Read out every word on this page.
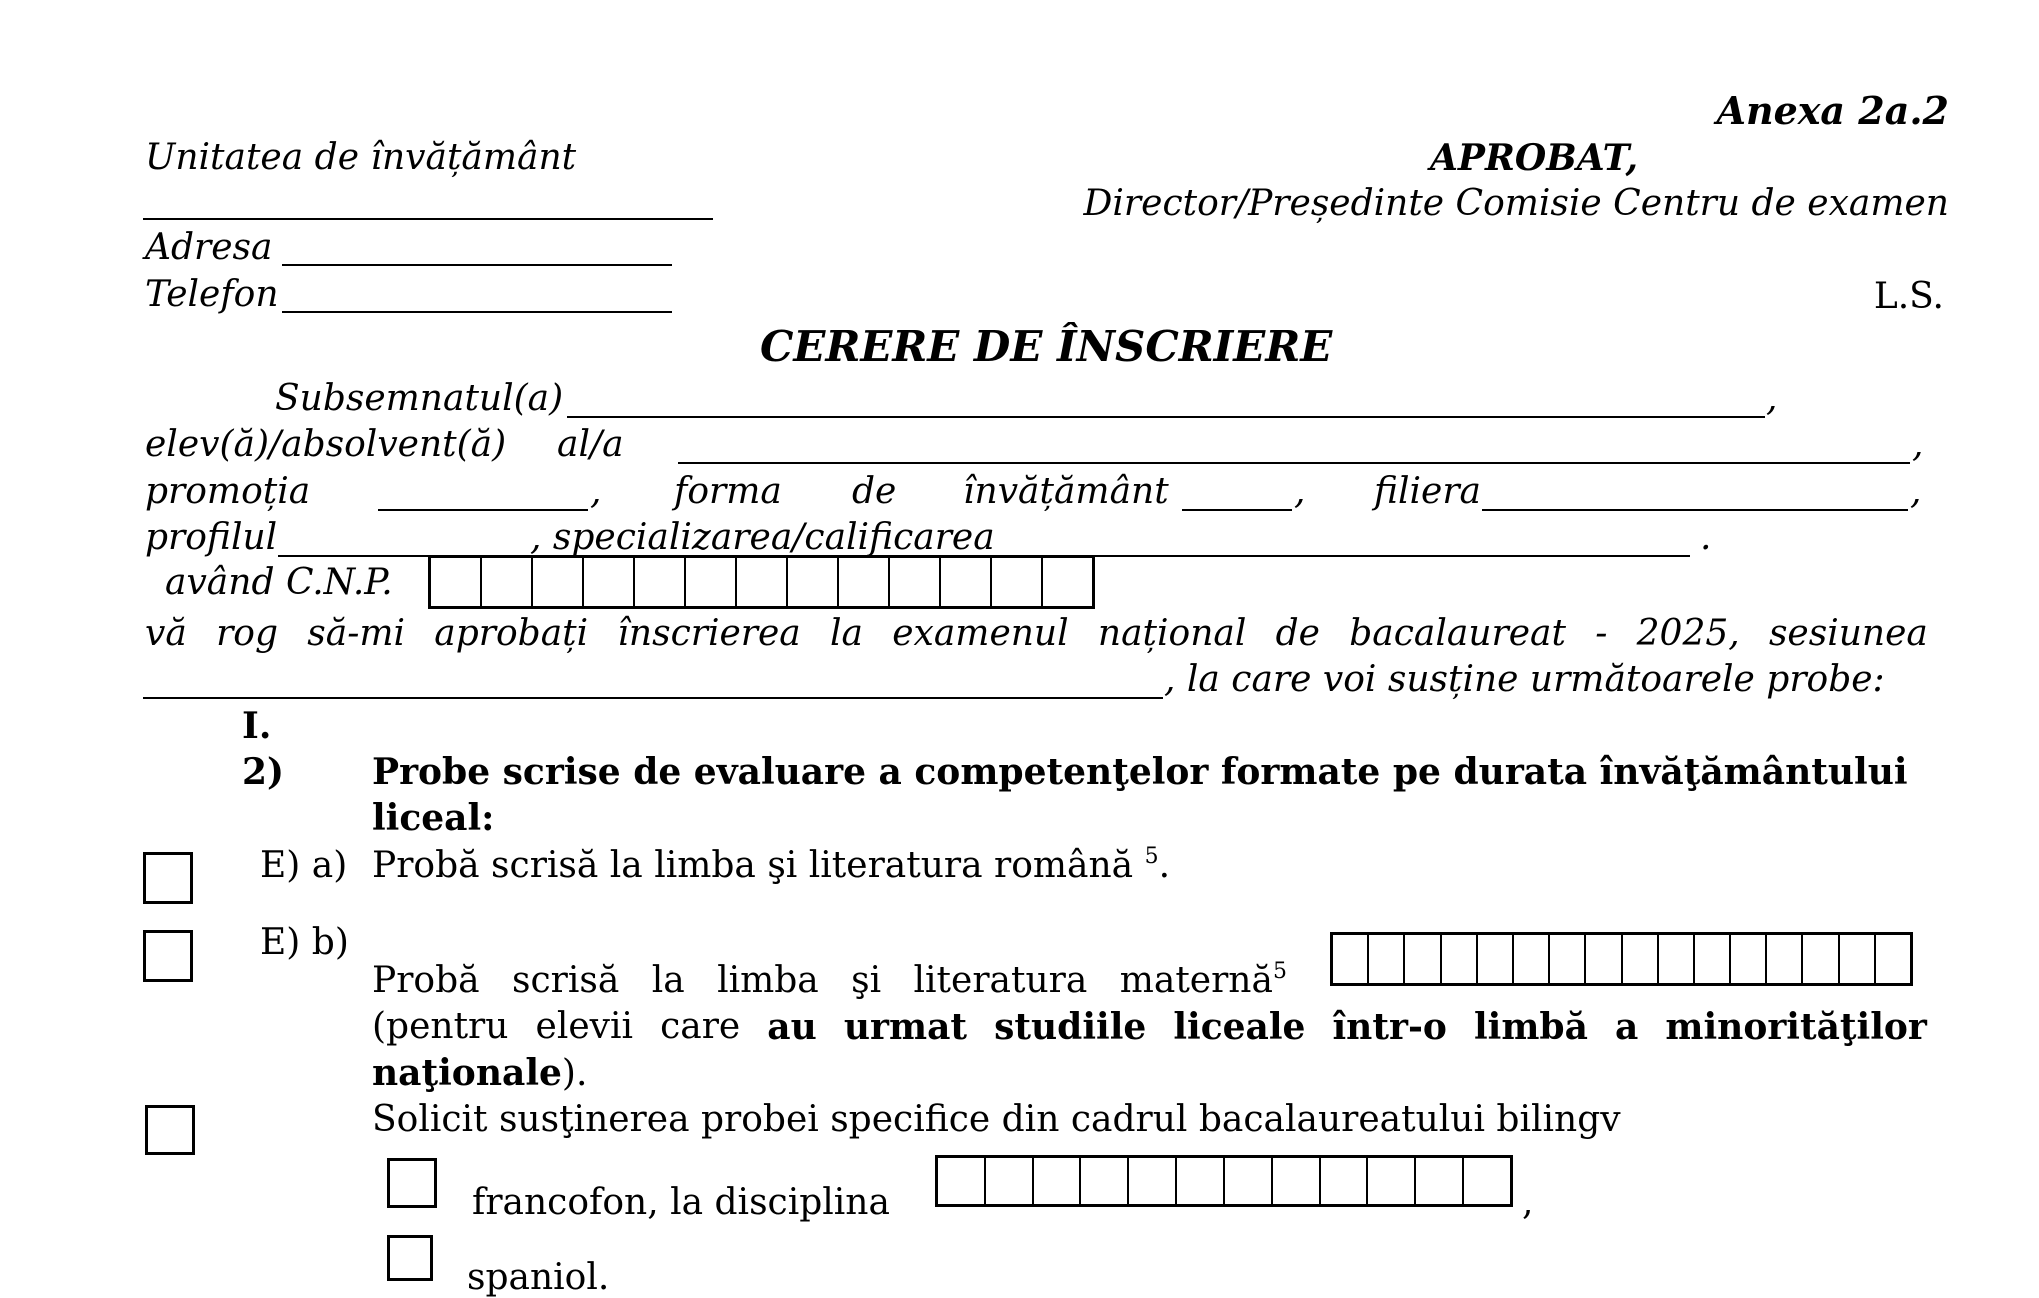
Anexa 2a.2
Unitatea de învățământ
Adresa
Telefon
APROBAT,
Director/Președinte Comisie Centru de examen
L.S.
CERERE DE ÎNSCRIERE
Subsemnatul(a)	,
elev(ă)/absolvent(ă) al/a	,
promoția	, forma de învățământ	, filiera	,
profilul	, specializarea/calificarea	.
având C.N.P.
vă rog să-mi aprobați înscrierea la examenul național de bacalaureat - 2025, sesiunea
, la care voi susține următoarele probe:
I.
2) Probe scrise de evaluare a competenţelor formate pe durata învăţământului
liceal:
E) a) Probă scrisă la limba şi literatura română $^5$.
E) b)
Probă scrisă la limba şi literatura maternă$^5$
(pentru elevii care au urmat studiile liceale într-o limbă a minorităţilor
naţionale).
Solicit susţinerea probei specifice din cadrul bacalaureatului bilingv
francofon, la disciplina	,
spaniol.
